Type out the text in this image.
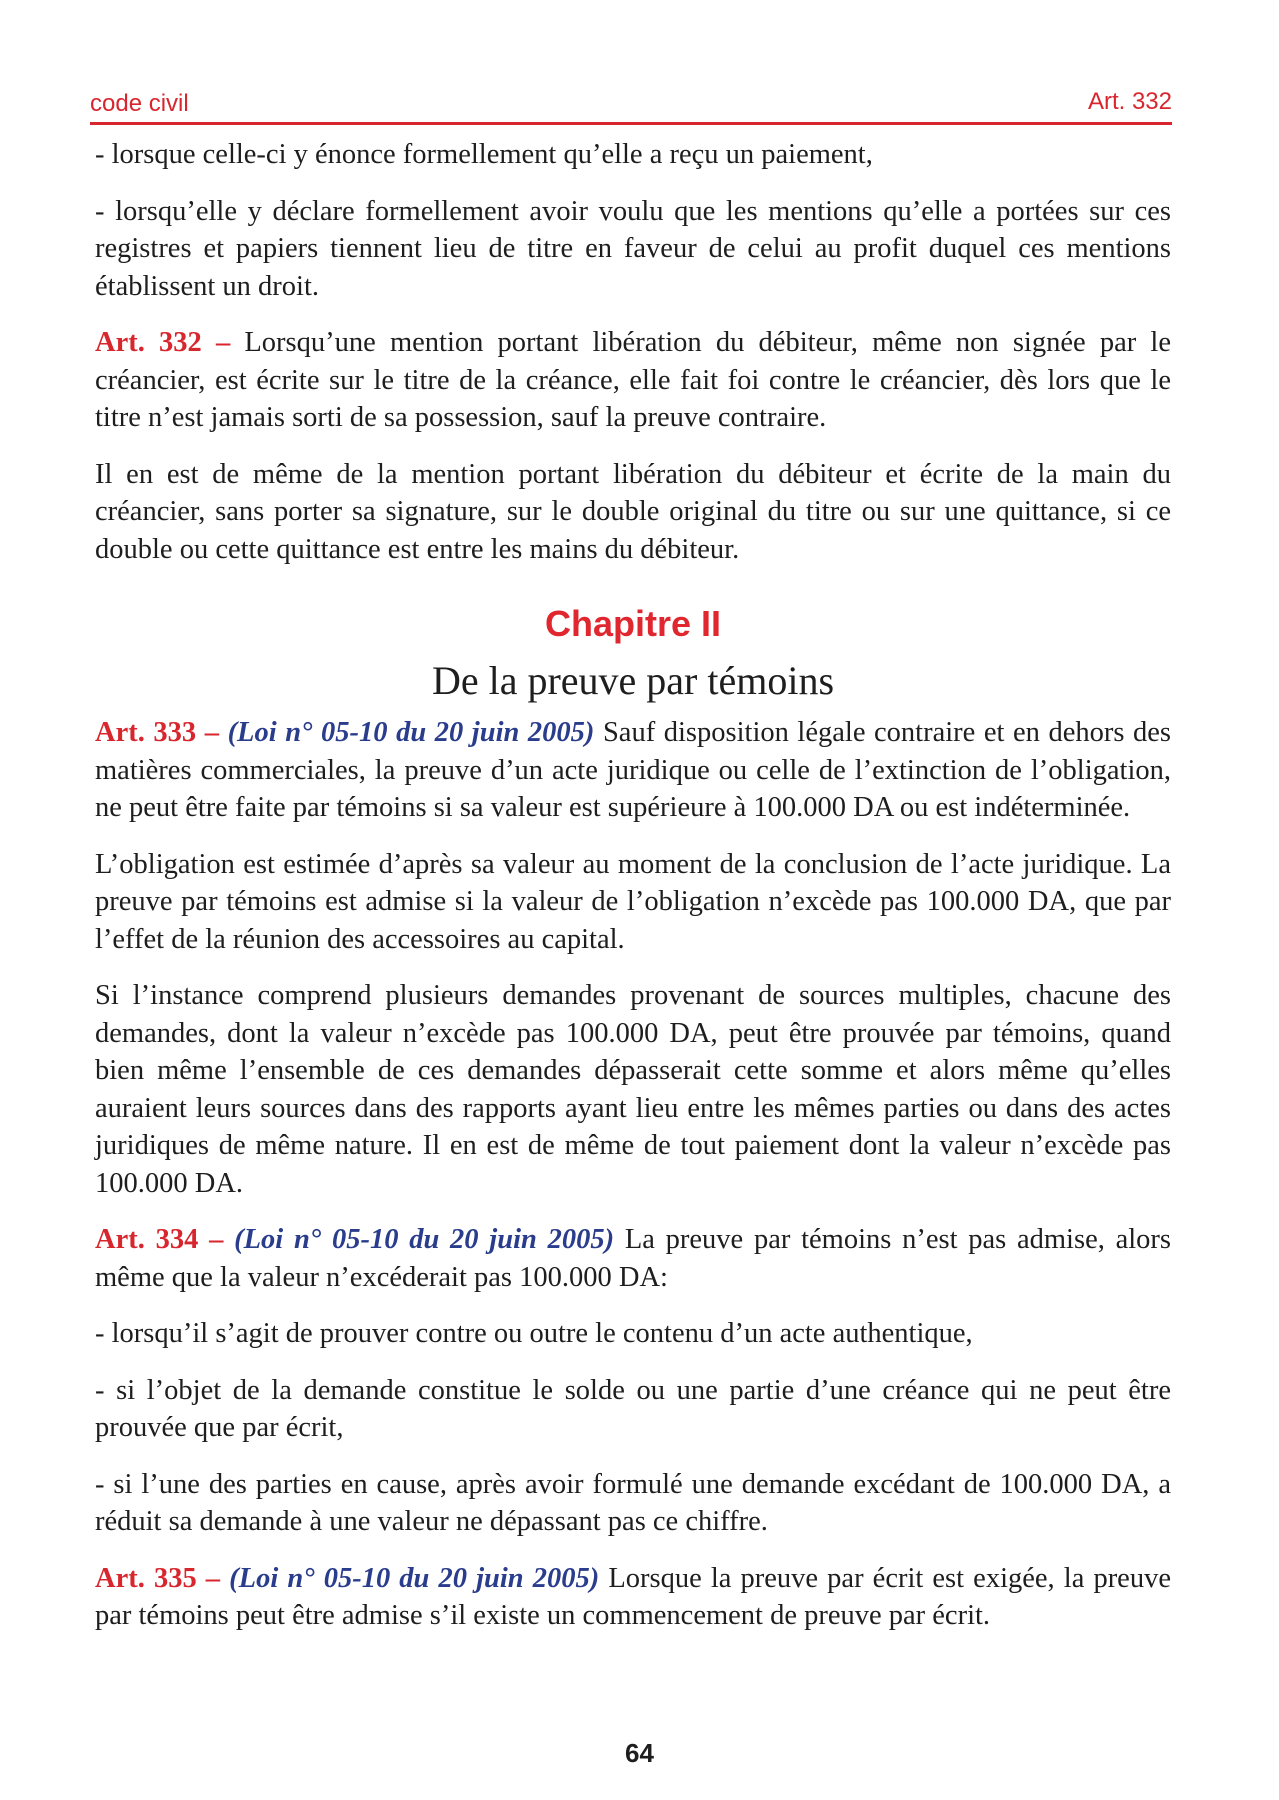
code civil	Art. 332

- lorsque celle-ci y énonce formellement qu’elle a reçu un paiement,

- lorsqu’elle y déclare formellement avoir voulu que les mentions qu’elle a portées sur ces registres et papiers tiennent lieu de titre en faveur de celui au profit duquel ces mentions établissent un droit.

Art. 332 – Lorsqu’une mention portant libération du débiteur, même non signée par le créancier, est écrite sur le titre de la créance, elle fait foi contre le créancier, dès lors que le titre n’est jamais sorti de sa possession, sauf la preuve contraire.

Il en est de même de la mention portant libération du débiteur et écrite de la main du créancier, sans porter sa signature, sur le double original du titre ou sur une quittance, si ce double ou cette quittance est entre les mains du débiteur.

Chapitre II
De la preuve par témoins

Art. 333 – (Loi n° 05-10 du 20 juin 2005) Sauf disposition légale contraire et en dehors des matières commerciales, la preuve d’un acte juridique ou celle de l’extinction de l’obligation, ne peut être faite par témoins si sa valeur est supérieure à 100.000 DA ou est indéterminée.

L’obligation est estimée d’après sa valeur au moment de la conclusion de l’acte juridique. La preuve par témoins est admise si la valeur de l’obligation n’excède pas 100.000 DA, que par l’effet de la réunion des accessoires au capital.

Si l’instance comprend plusieurs demandes provenant de sources multiples, chacune des demandes, dont la valeur n’excède pas 100.000 DA, peut être prouvée par témoins, quand bien même l’ensemble de ces demandes dépasserait cette somme et alors même qu’elles auraient leurs sources dans des rapports ayant lieu entre les mêmes parties ou dans des actes juridiques de même nature. Il en est de même de tout paiement dont la valeur n’excède pas 100.000 DA.

Art. 334 – (Loi n° 05-10 du 20 juin 2005) La preuve par témoins n’est pas admise, alors même que la valeur n’excéderait pas 100.000 DA:

- lorsqu’il s’agit de prouver contre ou outre le contenu d’un acte authentique,

- si l’objet de la demande constitue le solde ou une partie d’une créance qui ne peut être prouvée que par écrit,

- si l’une des parties en cause, après avoir formulé une demande excédant de 100.000 DA, a réduit sa demande à une valeur ne dépassant pas ce chiffre.

Art. 335 – (Loi n° 05-10 du 20 juin 2005) Lorsque la preuve par écrit est exigée, la preuve par témoins peut être admise s’il existe un commencement de preuve par écrit.

64
